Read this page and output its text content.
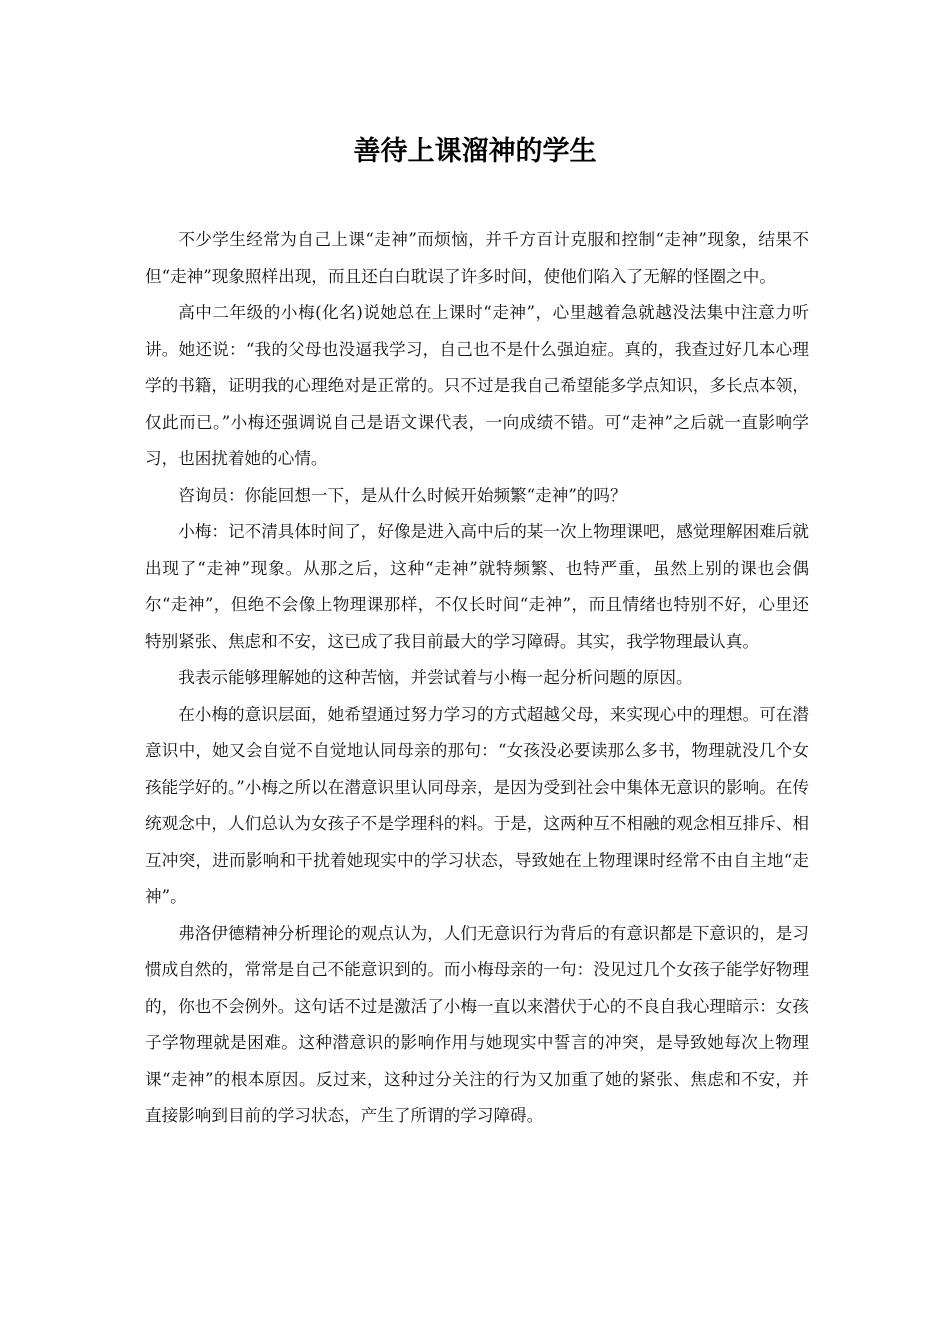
善待上课溜神的学生

不少学生经常为自己上课“走神”而烦恼，并千方百计克服和控制“走神”现象，结果不但“走神”现象照样出现，而且还白白耽误了许多时间，使他们陷入了无解的怪圈之中。

高中二年级的小梅(化名)说她总在上课时“走神”，心里越着急就越没法集中注意力听讲。她还说：“我的父母也没逼我学习，自己也不是什么强迫症。真的，我查过好几本心理学的书籍，证明我的心理绝对是正常的。只不过是我自己希望能多学点知识，多长点本领，仅此而已。”小梅还强调说自己是语文课代表，一向成绩不错。可“走神”之后就一直影响学习，也困扰着她的心情。

咨询员：你能回想一下，是从什么时候开始频繁“走神”的吗？

小梅：记不清具体时间了，好像是进入高中后的某一次上物理课吧，感觉理解困难后就出现了“走神”现象。从那之后，这种“走神”就特频繁、也特严重，虽然上别的课也会偶尔“走神”，但绝不会像上物理课那样，不仅长时间“走神”，而且情绪也特别不好，心里还特别紧张、焦虑和不安，这已成了我目前最大的学习障碍。其实，我学物理最认真。

我表示能够理解她的这种苦恼，并尝试着与小梅一起分析问题的原因。

在小梅的意识层面，她希望通过努力学习的方式超越父母，来实现心中的理想。可在潜意识中，她又会自觉不自觉地认同母亲的那句：“女孩没必要读那么多书，物理就没几个女孩能学好的。”小梅之所以在潜意识里认同母亲，是因为受到社会中集体无意识的影响。在传统观念中，人们总认为女孩子不是学理科的料。于是，这两种互不相融的观念相互排斥、相互冲突，进而影响和干扰着她现实中的学习状态，导致她在上物理课时经常不由自主地“走神”。

弗洛伊德精神分析理论的观点认为，人们无意识行为背后的有意识都是下意识的，是习惯成自然的，常常是自己不能意识到的。而小梅母亲的一句：没见过几个女孩子能学好物理的，你也不会例外。这句话不过是激活了小梅一直以来潜伏于心的不良自我心理暗示：女孩子学物理就是困难。这种潜意识的影响作用与她现实中誓言的冲突，是导致她每次上物理课“走神”的根本原因。反过来，这种过分关注的行为又加重了她的紧张、焦虑和不安，并直接影响到目前的学习状态，产生了所谓的学习障碍。
